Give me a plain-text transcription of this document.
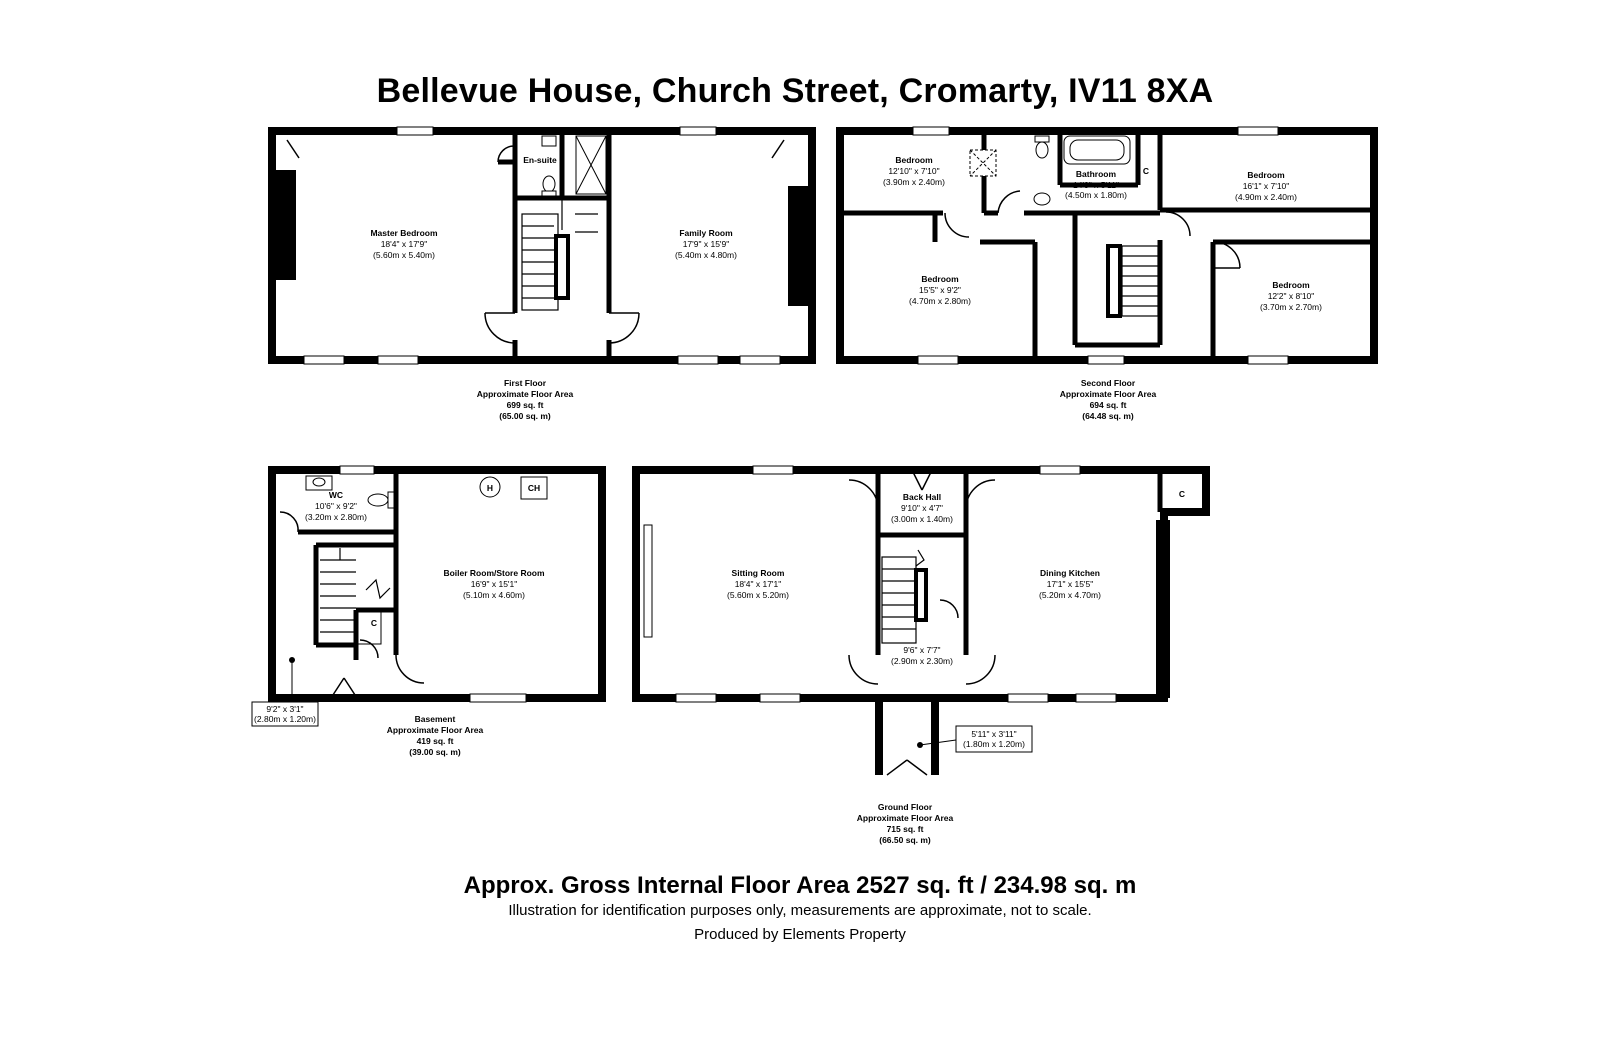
Bellevue House, Church Street, Cromarty, IV11 8XA
Master Bedroom
18'4" x 17'9"
(5.60m x 5.40m)
En-suite
Family Room
17'9" x 15'9"
(5.40m x 4.80m)
First Floor
Approximate Floor Area
699 sq. ft
(65.00 sq. m)
Bedroom
12'10" x 7'10"
(3.90m x 2.40m)
Bathroom
14'9" x 5'11"
(4.50m x 1.80m)
C	Bedroom
16'1" x 7'10"
(4.90m x 2.40m)
Bedroom
15'5" x 9'2"
(4.70m x 2.80m)
Bedroom
12'2" x 8'10"
(3.70m x 2.70m)
Second Floor
Approximate Floor Area
694 sq. ft
(64.48 sq. m)
WC
10'6" x 9'2"
(3.20m x 2.80m)
Boiler Room/Store Room
16'9" x 15'1"
(5.10m x 4.60m)
H	CH
C
9'2" x 3'1"
(2.80m x 1.20m)	Basement
Approximate Floor Area
419 sq. ft
(39.00 sq. m)
Sitting Room
18'4" x 17'1"
(5.60m x 5.20m)
Back Hall
9'10" x 4'7"
(3.00m x 1.40m)
Dining Kitchen
17'1" x 15'5"
(5.20m x 4.70m)
C
9'6" x 7'7"
(2.90m x 2.30m)
5'11" x 3'11"
(1.80m x 1.20m)
Ground Floor
Approximate Floor Area
715 sq. ft
(66.50 sq. m)
Approx. Gross Internal Floor Area 2527 sq. ft / 234.98 sq. m
Illustration for identification purposes only, measurements are approximate, not to scale.
Produced by Elements Property
